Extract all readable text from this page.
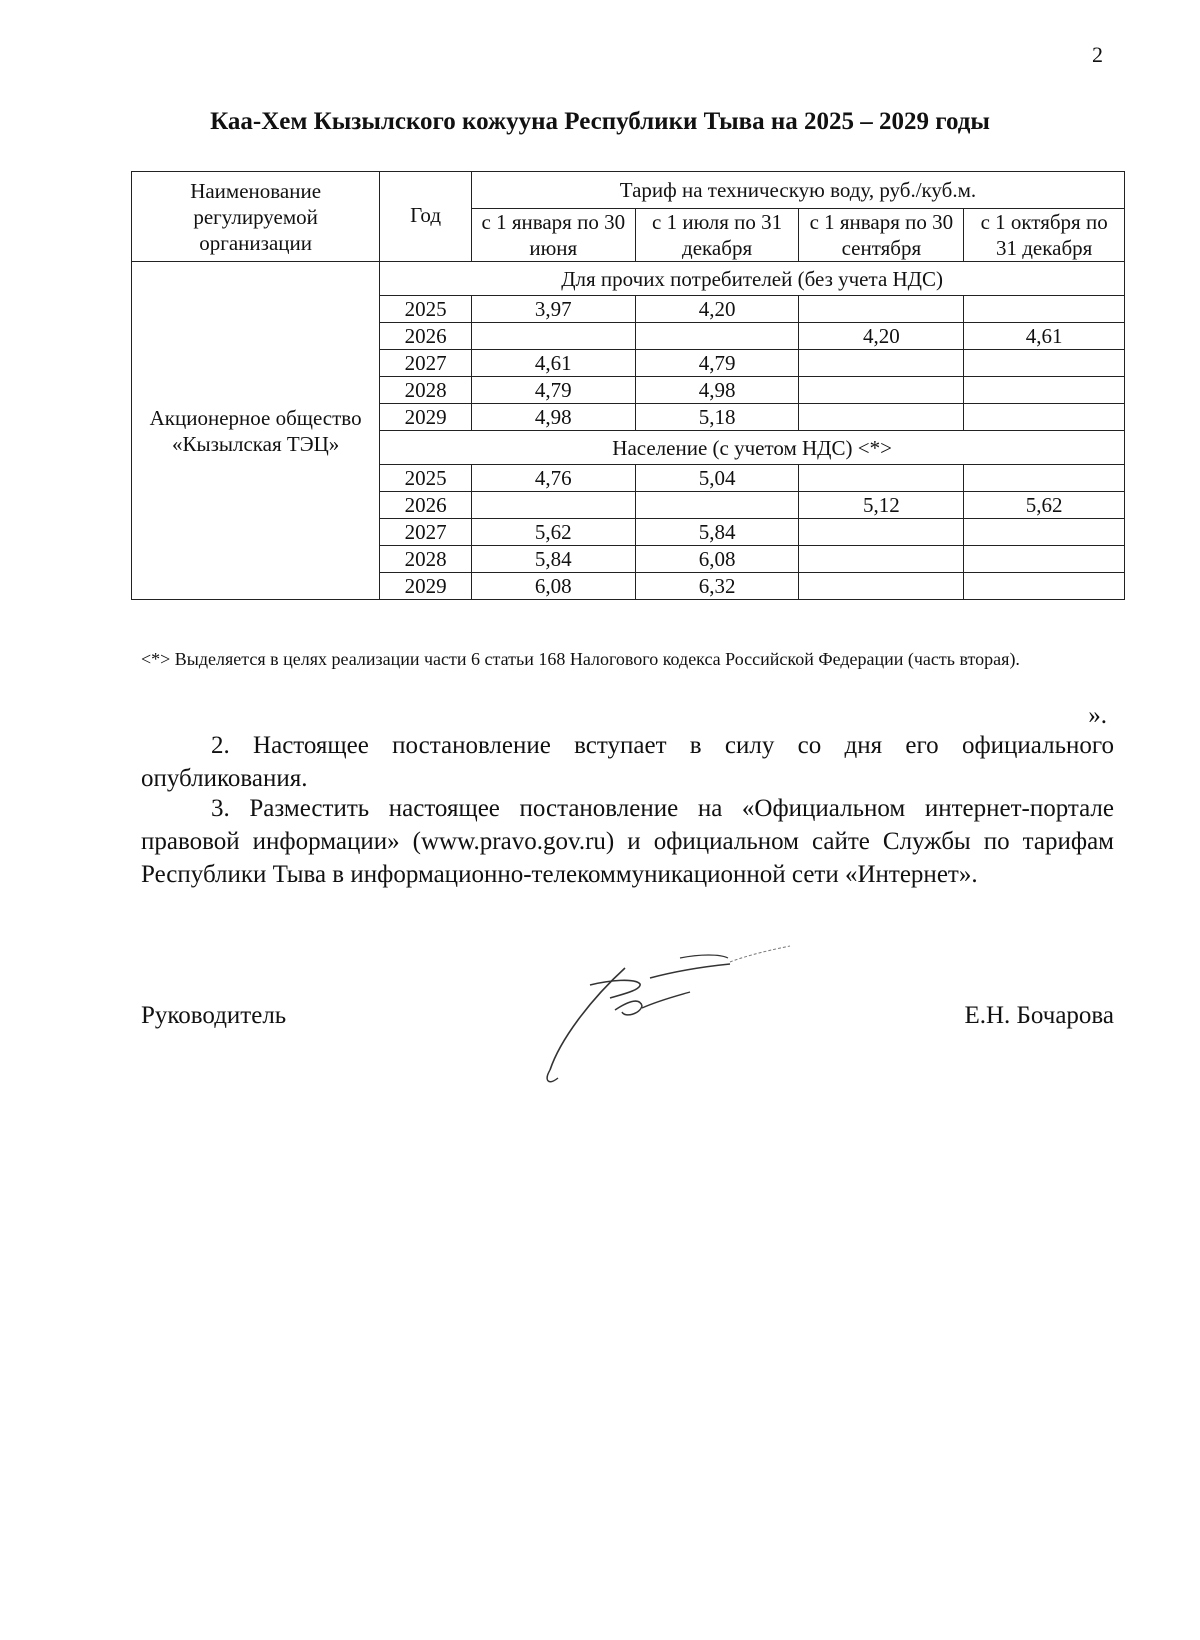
2
Каа-Хем Кызылского кожууна Республики Тыва на 2025 – 2029 годы
Наименование регулируемой организации	Год	Тариф на техническую воду, руб./куб.м.			
		с 1 января по 30 июня	с 1 июля по 31 декабря	с 1 января по 30 сентября	с 1 октября по 31 декабря
Акционерное общество «Кызылская ТЭЦ»	Для прочих потребителей (без учета НДС)				
	2025	3,97	4,20		
	2026			4,20	4,61
	2027	4,61	4,79		
	2028	4,79	4,98		
	2029	4,98	5,18		
	Население (с учетом НДС) <*>				
	2025	4,76	5,04		
	2026			5,12	5,62
	2027	5,62	5,84		
	2028	5,84	6,08		
	2029	6,08	6,32		
<*> Выделяется в целях реализации части 6 статьи 168 Налогового кодекса Российской Федерации (часть вторая).
».
2. Настоящее постановление вступает в силу со дня его официального опубликования.
3. Разместить настоящее постановление на «Официальном интернет-портале правовой информации» (www.pravo.gov.ru) и официальном сайте Службы по тарифам Республики Тыва в информационно-телекоммуникационной сети «Интернет».
Руководитель	Е.Н. Бочарова
